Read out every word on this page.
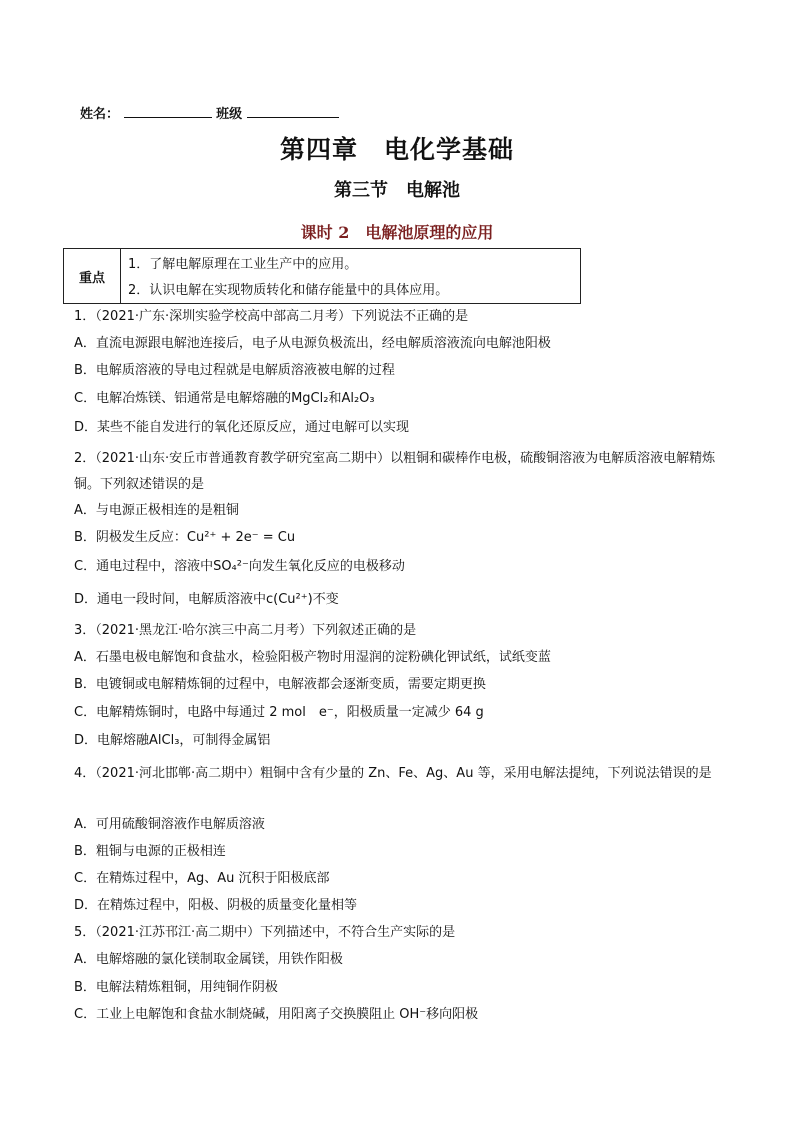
姓名：	班级
第四章　电化学基础
第三节　电解池
课时 2　电解池原理的应用
重点
1．了解电解原理在工业生产中的应用。
2．认识电解在实现物质转化和储存能量中的具体应用。
1．（2021·广东·深圳实验学校高中部高二月考）下列说法不正确的是
A．直流电源跟电解池连接后，电子从电源负极流出，经电解质溶液流向电解池阳极
B．电解质溶液的导电过程就是电解质溶液被电解的过程
C．电解冶炼镁、铝通常是电解熔融的MgCl₂和Al₂O₃
D．某些不能自发进行的氧化还原反应，通过电解可以实现
2．（2021·山东·安丘市普通教育教学研究室高二期中）以粗铜和碳棒作电极，硫酸铜溶液为电解质溶液电解精炼铜。下列叙述错误的是
A．与电源正极相连的是粗铜
B．阴极发生反应：Cu²⁺ + 2e⁻ = Cu
C．通电过程中，溶液中SO₄²⁻向发生氧化反应的电极移动
D．通电一段时间，电解质溶液中c(Cu²⁺)不变
3．（2021·黑龙江·哈尔滨三中高二月考）下列叙述正确的是
A．石墨电极电解饱和食盐水，检验阳极产物时用湿润的淀粉碘化钾试纸，试纸变蓝
B．电镀铜或电解精炼铜的过程中，电解液都会逐渐变质，需要定期更换
C．电解精炼铜时，电路中每通过 2 mol　e⁻，阳极质量一定减少 64 g
D．电解熔融AlCl₃，可制得金属铝
4．（2021·河北邯郸·高二期中）粗铜中含有少量的 Zn、Fe、Ag、Au 等，采用电解法提纯，下列说法错误的是
A．可用硫酸铜溶液作电解质溶液
B．粗铜与电源的正极相连
C．在精炼过程中，Ag、Au 沉积于阳极底部
D．在精炼过程中，阳极、阴极的质量变化量相等
5．（2021·江苏邗江·高二期中）下列描述中，不符合生产实际的是
A．电解熔融的氯化镁制取金属镁，用铁作阳极
B．电解法精炼粗铜，用纯铜作阴极
C．工业上电解饱和食盐水制烧碱，用阳离子交换膜阻止 OH⁻移向阳极
